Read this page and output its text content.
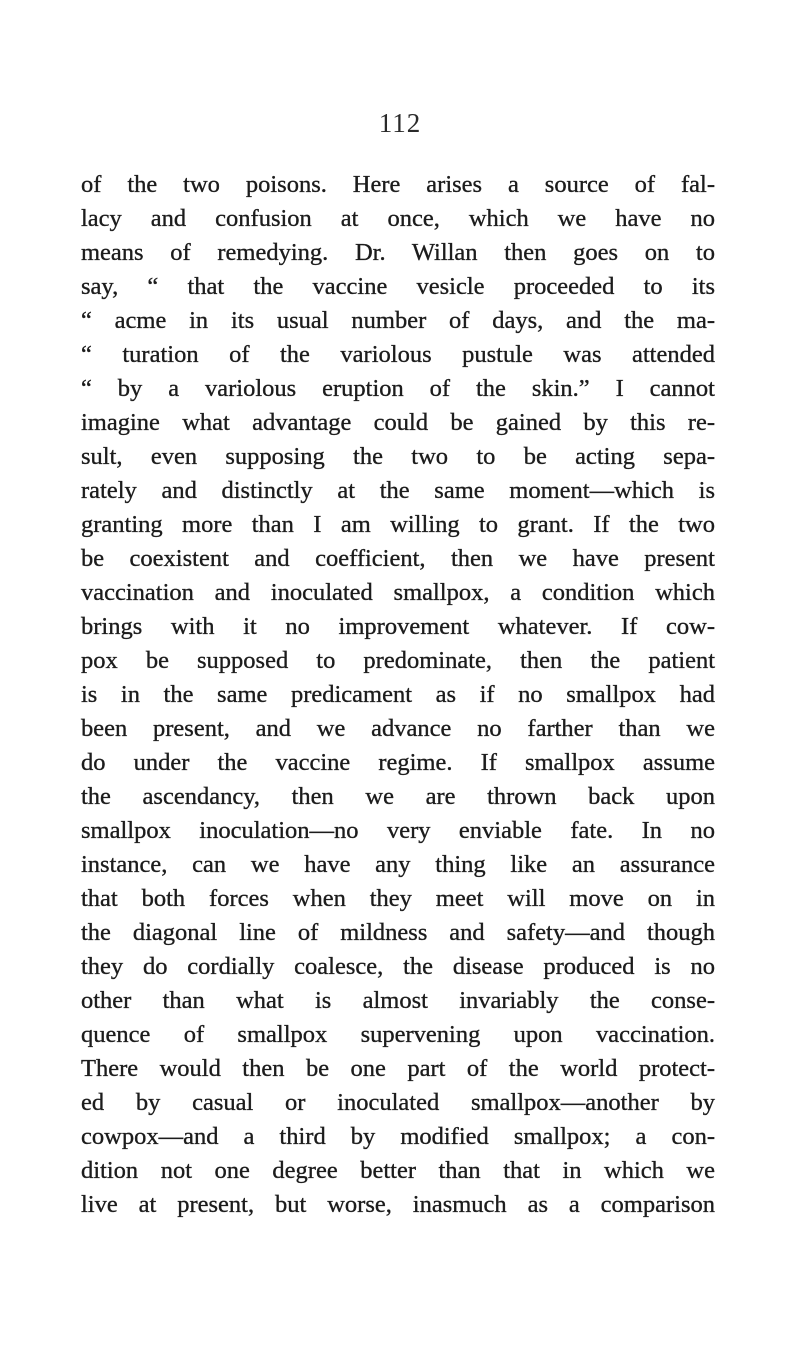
112
of the two poisons. Here arises a source of fal-
lacy and confusion at once, which we have no
means of remedying. Dr. Willan then goes on to
say, “ that the vaccine vesicle proceeded to its
“ acme in its usual number of days, and the ma-
“ turation of the variolous pustule was attended
“ by a variolous eruption of the skin.” I cannot
imagine what advantage could be gained by this re-
sult, even supposing the two to be acting sepa-
rately and distinctly at the same moment—which is
granting more than I am willing to grant. If the two
be coexistent and coefficient, then we have present
vaccination and inoculated smallpox, a condition which
brings with it no improvement whatever. If cow-
pox be supposed to predominate, then the patient
is in the same predicament as if no smallpox had
been present, and we advance no farther than we
do under the vaccine regime. If smallpox assume
the ascendancy, then we are thrown back upon
smallpox inoculation—no very enviable fate. In no
instance, can we have any thing like an assurance
that both forces when they meet will move on in
the diagonal line of mildness and safety—and though
they do cordially coalesce, the disease produced is no
other than what is almost invariably the conse-
quence of smallpox supervening upon vaccination.
There would then be one part of the world protect-
ed by casual or inoculated smallpox—another by
cowpox—and a third by modified smallpox; a con-
dition not one degree better than that in which we
live at present, but worse, inasmuch as a comparison
